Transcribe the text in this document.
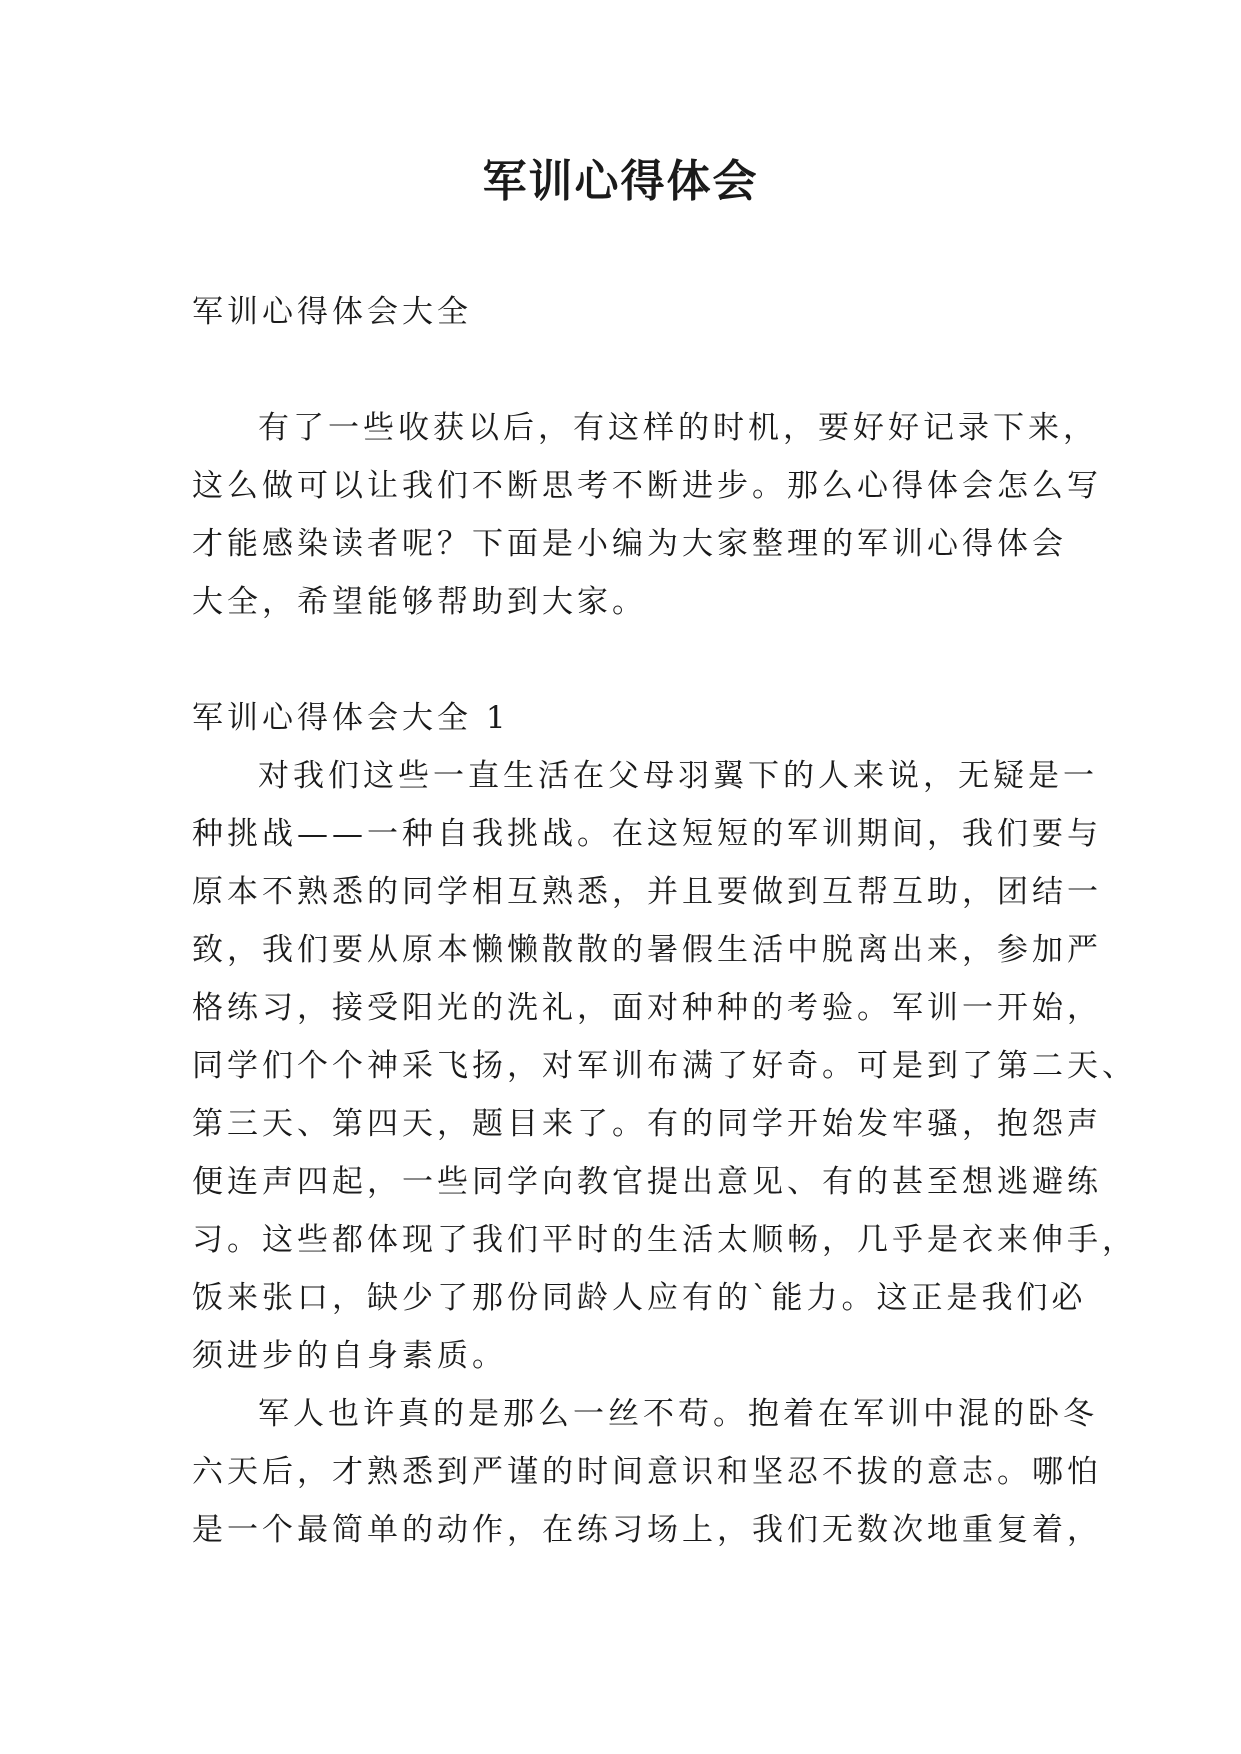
军训心得体会
军训心得体会大全
有了一些收获以后，有这样的时机，要好好记录下来，
这么做可以让我们不断思考不断进步。那么心得体会怎么写
才能感染读者呢？下面是小编为大家整理的军训心得体会
大全，希望能够帮助到大家。
军训心得体会大全 1
对我们这些一直生活在父母羽翼下的人来说，无疑是一
种挑战——一种自我挑战。在这短短的军训期间，我们要与
原本不熟悉的同学相互熟悉，并且要做到互帮互助，团结一
致，我们要从原本懒懒散散的暑假生活中脱离出来，参加严
格练习，接受阳光的洗礼，面对种种的考验。军训一开始，
同学们个个神采飞扬，对军训布满了好奇。可是到了第二天、
第三天、第四天，题目来了。有的同学开始发牢骚，抱怨声
便连声四起，一些同学向教官提出意见、有的甚至想逃避练
习。这些都体现了我们平时的生活太顺畅，几乎是衣来伸手，
饭来张口，缺少了那份同龄人应有的`能力。这正是我们必
须进步的自身素质。
军人也许真的是那么一丝不苟。抱着在军训中混的卧冬
六天后，才熟悉到严谨的时间意识和坚忍不拔的意志。哪怕
是一个最简单的动作，在练习场上，我们无数次地重复着，
